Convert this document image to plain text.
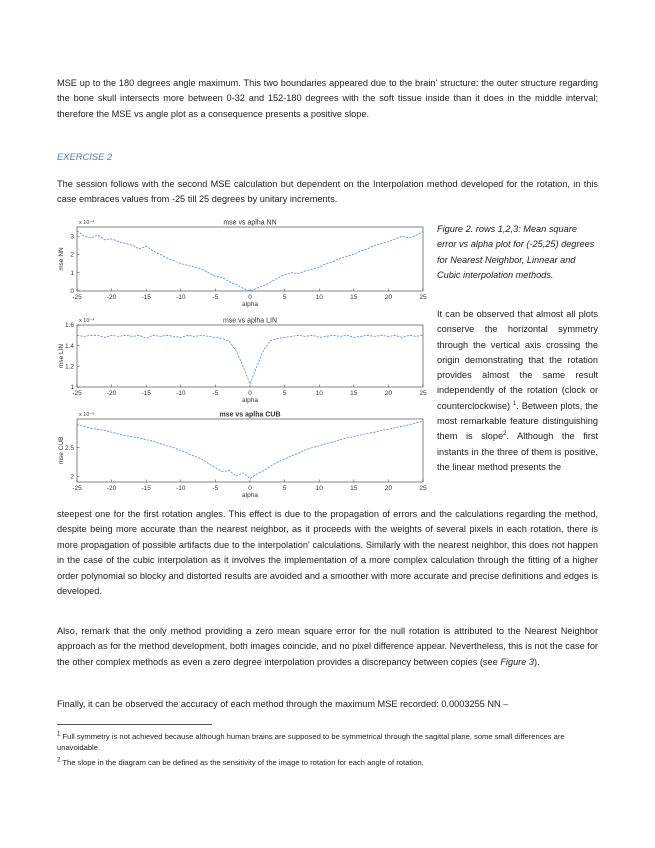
MSE up to the 180 degrees angle maximum. This two boundaries appeared due to the brain' structure: the outer structure regarding the bone skull intersects more between 0-32 and 152-180 degrees with the soft tissue inside than it does in the middle interval; therefore the MSE vs angle plot as a consequence presents a positive slope.

EXERCISE 2

The session follows with the second MSE calculation but dependent on the Interpolation method developed for the rotation, in this case embraces values from -25 till 25 degrees by unitary increments.

mse vs aplha NN
x 10⁻⁴
-25	-20	-15	-10	-5	0	5	10	15	20	25
0
1
2
3
mse NN
alpha
mse vs aplha LIN
x 10⁻⁴
-25	-20	-15	-10	-5	0	5	10	15	20	25
1
1.2
1.4
1.6
mse LIN
alpha
mse vs aplha CUB
x 10⁻⁵
-25	-20	-15	-10	-5	0	5	10	15	20	25
2
2.5
mse CUB
alpha

Figure 2. rows 1,2,3: Mean square error vs alpha plot for (-25,25) degrees for Nearest Neighbor, Linnear and Cubic interpolation methods.

It can be observed that almost all plots conserve the horizontal symmetry through the vertical axis crossing the origin demonstrating that the rotation provides almost the same result independently of the rotation (clock or counterclockwise) $^1$. Between plots, the most remarkable feature distinguishing them is slope$^2$. Although the first instants in the three of them is positive, the linear method presents the

steepest one for the first rotation angles. This effect is due to the propagation of errors and the calculations regarding the method, despite being more accurate than the nearest neighbor, as it proceeds with the weights of several pixels in each rotation, there is more propagation of possible artifacts due to the interpolation' calculations. Similarly with the nearest neighbor, this does not happen in the case of the cubic interpolation as it involves the implementation of a more complex calculation through the fitting of a higher order polynomial so blocky and distorted results are avoided and a smoother with more accurate and precise definitions and edges is developed.

Also, remark that the only method providing a zero mean square error for the null rotation is attributed to the Nearest Neighbor approach as for the method development, both images coincide, and no pixel difference appear. Nevertheless, this is not the case for the other complex methods as even a zero degree interpolation provides a discrepancy between copies (see Figure 3).

Finally, it can be observed the accuracy of each method through the maximum MSE recorded: 0.0003255 NN –

$^1$ Full symmetry is not achieved because although human brains are supposed to be symmetrical through the sagittal plane, some small differences are unavoidable.

$^2$ The slope in the diagram can be defined as the sensitivity of the image to rotation for each angle of rotation.
